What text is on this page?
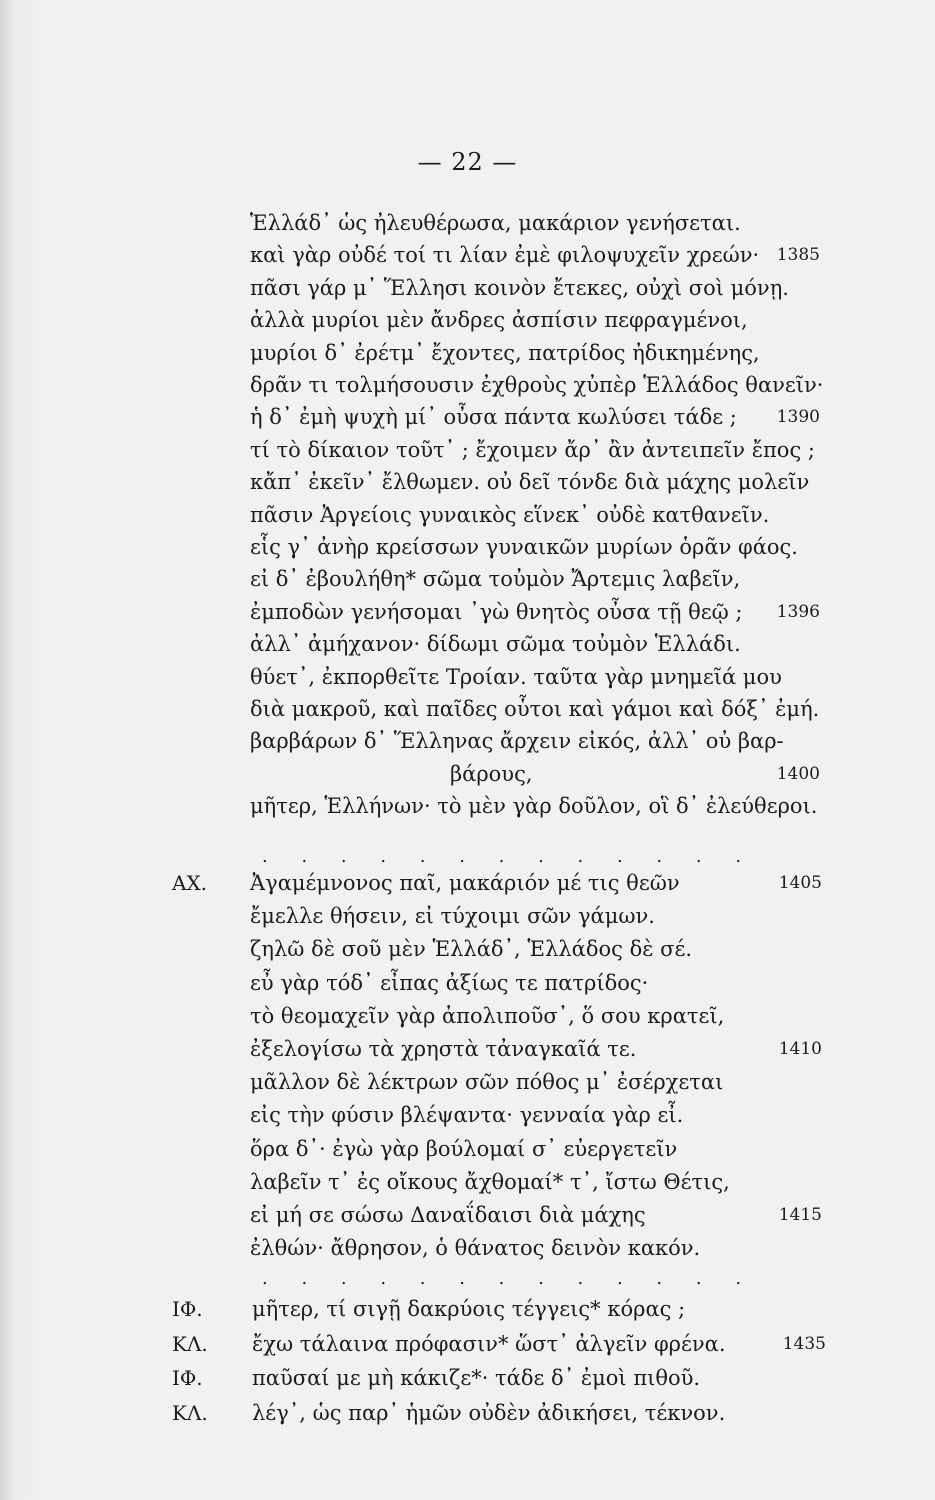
— 22 —
Ἑλλάδ᾽ ὡς ἠλευθέρωσα, μακάριον γενήσεται.
καὶ γὰρ οὐδέ τοί τι λίαν ἐμὲ φιλοψυχεῖν χρεών·	1385
πᾶσι γάρ μ᾽ Ἕλλησι κοινὸν ἔτεκες, οὐχὶ σοὶ μόνῃ.
ἀλλὰ μυρίοι μὲν ἄνδρες ἀσπίσιν πεφραγμένοι,
μυρίοι δ᾽ ἐρέτμ᾽ ἔχοντες, πατρίδος ἠδικημένης,
δρᾶν τι τολμήσουσιν ἐχθροὺς χὐπὲρ Ἑλλάδος θανεῖν·
ἡ δ᾽ ἐμὴ ψυχὴ μί᾽ οὖσα πάντα κωλύσει τάδε ;	1390
τί τὸ δίκαιον τοῦτ᾽ ; ἔχοιμεν ἄρ᾽ ἂν ἀντειπεῖν ἔπος ;
κἄπ᾽ ἐκεῖν᾽ ἔλθωμεν. οὐ δεῖ τόνδε διὰ μάχης μολεῖν
πᾶσιν Ἀργείοις γυναικὸς εἵνεκ᾽ οὐδὲ κατθανεῖν.
εἷς γ᾽ ἀνὴρ κρείσσων γυναικῶν μυρίων ὁρᾶν φάος.
εἰ δ᾽ ἐβουλήθη* σῶμα τοὐμὸν Ἄρτεμις λαβεῖν,
ἐμποδὼν γενήσομαι ᾽γὼ θνητὸς οὖσα τῇ θεῷ ;	1396
ἀλλ᾽ ἀμήχανον· δίδωμι σῶμα τοὐμὸν Ἑλλάδι.
θύετ᾽, ἐκπορθεῖτε Τροίαν. ταῦτα γὰρ μνημεῖά μου
διὰ μακροῦ, καὶ παῖδες οὗτοι καὶ γάμοι καὶ δόξ᾽ ἐμή.
βαρβάρων δ᾽ Ἕλληνας ἄρχειν εἰκός, ἀλλ᾽ οὐ βαρ-
βάρους,	1400
μῆτερ, Ἑλλήνων· τὸ μὲν γὰρ δοῦλον, οἳ δ᾽ ἐλεύθεροι.
. . . . . . . . . . . . .
ΑΧ. Ἀγαμέμνονος παῖ, μακάριόν μέ τις θεῶν	1405
ἔμελλε θήσειν, εἰ τύχοιμι σῶν γάμων.
ζηλῶ δὲ σοῦ μὲν Ἑλλάδ᾽, Ἑλλάδος δὲ σέ.
εὖ γὰρ τόδ᾽ εἶπας ἀξίως τε πατρίδος·
τὸ θεομαχεῖν γὰρ ἀπολιποῦσ᾽, ὅ σου κρατεῖ,
ἐξελογίσω τὰ χρηστὰ τἀναγκαῖά τε.	1410
μᾶλλον δὲ λέκτρων σῶν πόθος μ᾽ ἐσέρχεται
εἰς τὴν φύσιν βλέψαντα· γενναία γὰρ εἶ.
ὅρα δ᾽· ἐγὼ γὰρ βούλομαί σ᾽ εὐεργετεῖν
λαβεῖν τ᾽ ἐς οἴκους ἄχθομαί* τ᾽, ἴστω Θέτις,
εἰ μή σε σώσω Δαναΐδαισι διὰ μάχης	1415
ἐλθών· ἄθρησον, ὁ θάνατος δεινὸν κακόν.
. . . . . . . . . . . . .
ΙΦ. μῆτερ, τί σιγῇ δακρύοις τέγγεις* κόρας ;
ΚΛ. ἔχω τάλαινα πρόφασιν* ὥστ᾽ ἀλγεῖν φρένα.	1435
ΙΦ. παῦσαί με μὴ κάκιζε*· τάδε δ᾽ ἐμοὶ πιθοῦ.
ΚΛ. λέγ᾽, ὡς παρ᾽ ἡμῶν οὐδὲν ἀδικήσει, τέκνον.
